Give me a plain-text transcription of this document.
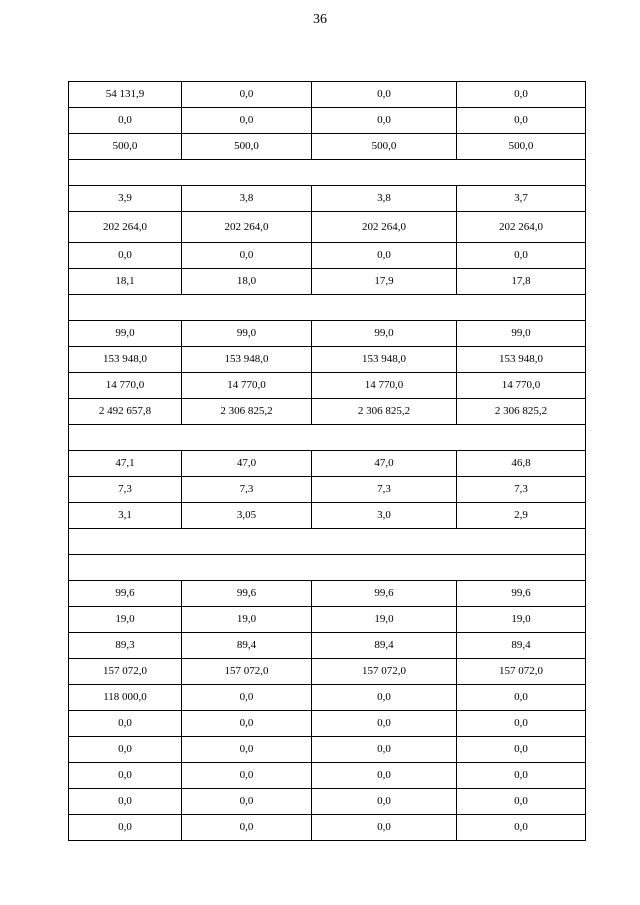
36
54 131,9	0,0	0,0	0,0
0,0	0,0	0,0	0,0
500,0	500,0	500,0	500,0

3,9	3,8	3,8	3,7
202 264,0	202 264,0	202 264,0	202 264,0
0,0	0,0	0,0	0,0
18,1	18,0	17,9	17,8

99,0	99,0	99,0	99,0
153 948,0	153 948,0	153 948,0	153 948,0
14 770,0	14 770,0	14 770,0	14 770,0
2 492 657,8	2 306 825,2	2 306 825,2	2 306 825,2

47,1	47,0	47,0	46,8
7,3	7,3	7,3	7,3
3,1	3,05	3,0	2,9

99,6	99,6	99,6	99,6
19,0	19,0	19,0	19,0
89,3	89,4	89,4	89,4
157 072,0	157 072,0	157 072,0	157 072,0
118 000,0	0,0	0,0	0,0
0,0	0,0	0,0	0,0
0,0	0,0	0,0	0,0
0,0	0,0	0,0	0,0
0,0	0,0	0,0	0,0
0,0	0,0	0,0	0,0
